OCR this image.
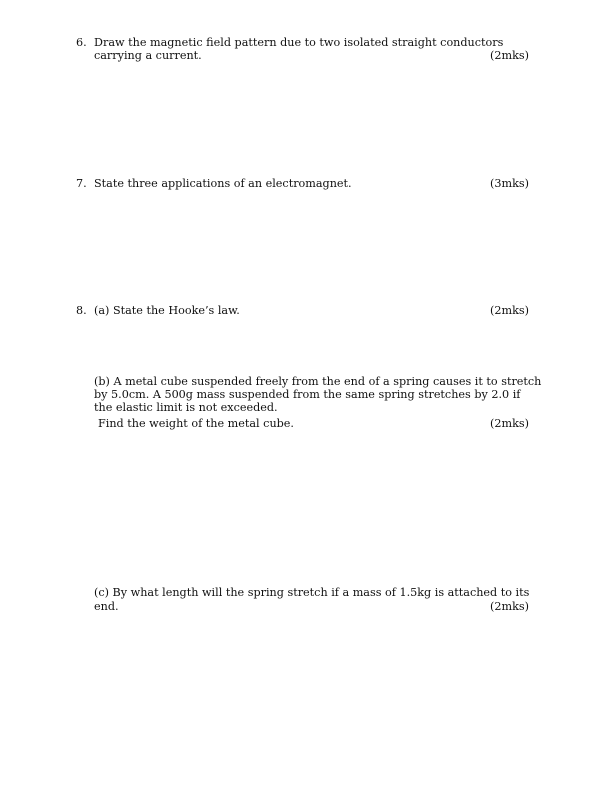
6. Draw the magnetic field pattern due to two isolated straight conductors
carrying a current.	(2mks)
7. State three applications of an electromagnet.	(3mks)
8. (a) State the Hooke’s law.	(2mks)
(b) A metal cube suspended freely from the end of a spring causes it to stretch
by 5.0cm. A 500g mass suspended from the same spring stretches by 2.0 if
the elastic limit is not exceeded.
Find the weight of the metal cube.	(2mks)
(c) By what length will the spring stretch if a mass of 1.5kg is attached to its
end.	(2mks)
